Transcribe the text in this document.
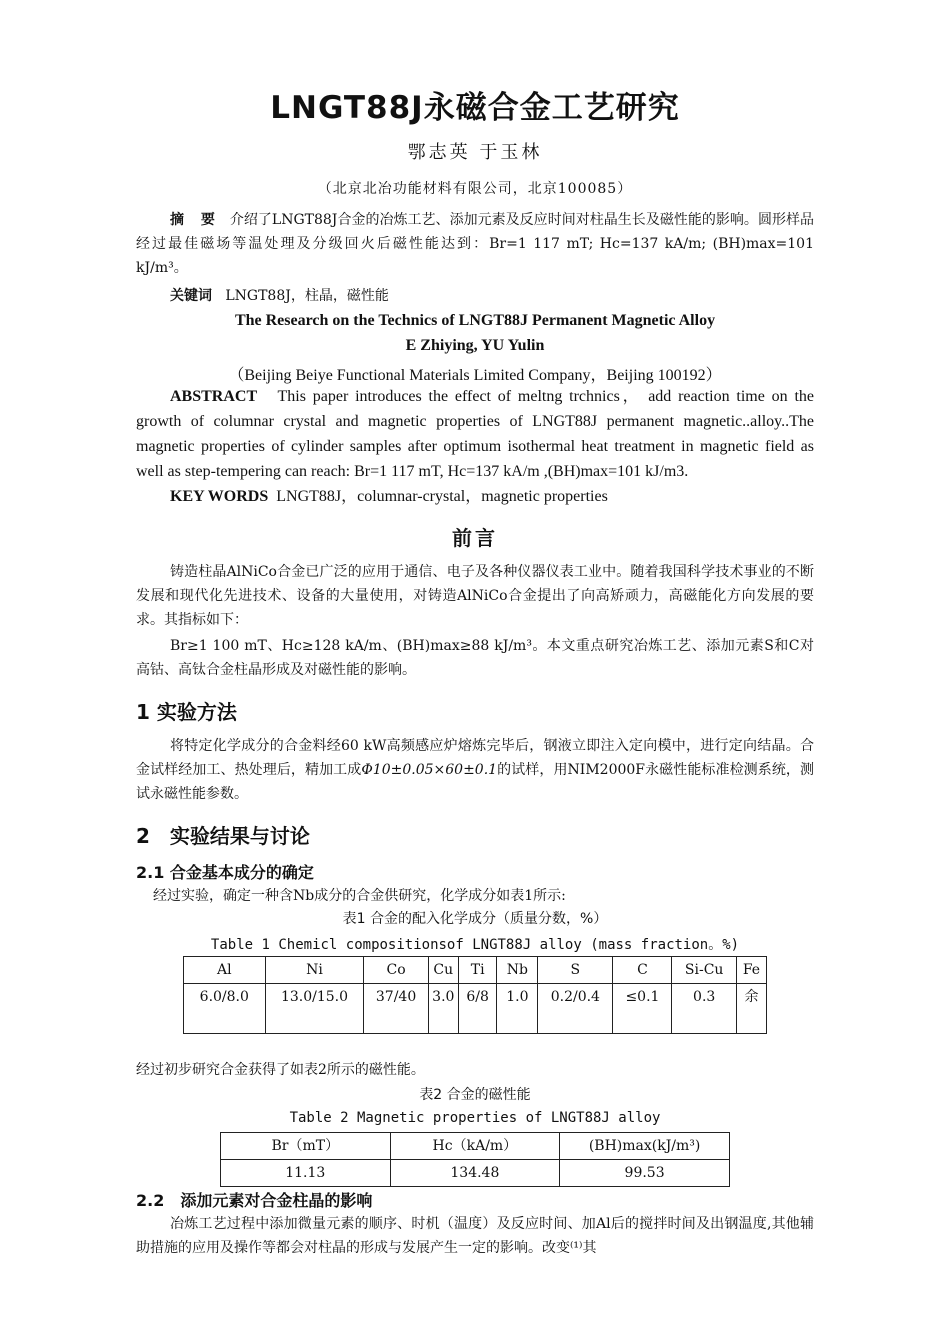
LNGT88J永磁合金工艺研究
鄂志英 于玉林
（北京北冶功能材料有限公司，北京100085）

摘 要 介绍了LNGT88J合金的冶炼工艺、添加元素及反应时间对柱晶生长及磁性能的影响。圆形样品经过最佳磁场等温处理及分级回火后磁性能达到：Br=1 117 mT; Hc=137 kA/m; (BH)max=101 kJ/m³。

关键词 LNGT88J，柱晶，磁性能

The Research on the Technics of LNGT88J Permanent Magnetic Alloy
E Zhiying, YU Yulin
（Beijing Beiye Functional Materials Limited Company，Beijing 100192）

ABSTRACT This paper introduces the effect of meltng trchnics， add reaction time on the growth of columnar crystal and magnetic properties of LNGT88J permanent magnetic..alloy..The magnetic properties of cylinder samples after optimum isothermal heat treatment in magnetic field as well as step-tempering can reach: Br=1 117 mT, Hc=137 kA/m ,(BH)max=101 kJ/m3.

KEY WORDS LNGT88J，columnar-crystal，magnetic properties

前言

铸造柱晶AlNiCo合金已广泛的应用于通信、电子及各种仪器仪表工业中。随着我国科学技术事业的不断发展和现代化先进技术、设备的大量使用，对铸造AlNiCo合金提出了向高矫顽力，高磁能化方向发展的要求。其指标如下：

Br≥1 100 mT、Hc≥128 kA/m、(BH)max≥88 kJ/m³。本文重点研究冶炼工艺、添加元素S和C对高钴、高钛合金柱晶形成及对磁性能的影响。

1 实验方法

将特定化学成分的合金料经60 kW高频感应炉熔炼完毕后，钢液立即注入定向模中，进行定向结晶。合金试样经加工、热处理后，精加工成Φ10±0.05×60±0.1的试样，用NIM2000F永磁性能标准检测系统，测试永磁性能参数。

2　实验结果与讨论
2.1 合金基本成分的确定

经过实验，确定一种含Nb成分的合金供研究，化学成分如表1所示:

表1 合金的配入化学成分（质量分数，%）
Table 1 Chemicl compositionsof LNGT88J alloy (mass fraction。%)
Al	Ni	Co	Cu	Ti	Nb	S	C	Si-Cu	Fe
6.0/8.0	13.0/15.0	37/40	3.0	6/8	1.0	0.2/0.4	≤0.1	0.3	余

经过初步研究合金获得了如表2所示的磁性能。

表2 合金的磁性能
Table 2 Magnetic properties of LNGT88J alloy
Br（mT）	Hc（kA/m）	(BH)max(kJ/m³)
11.13	134.48	99.53
2.2　添加元素对合金柱晶的影响

冶炼工艺过程中添加微量元素的顺序、时机（温度）及反应时间、加Al后的搅拌时间及出钢温度,其他辅助措施的应用及操作等都会对柱晶的形成与发展产生一定的影响。改变⁽¹⁾其
